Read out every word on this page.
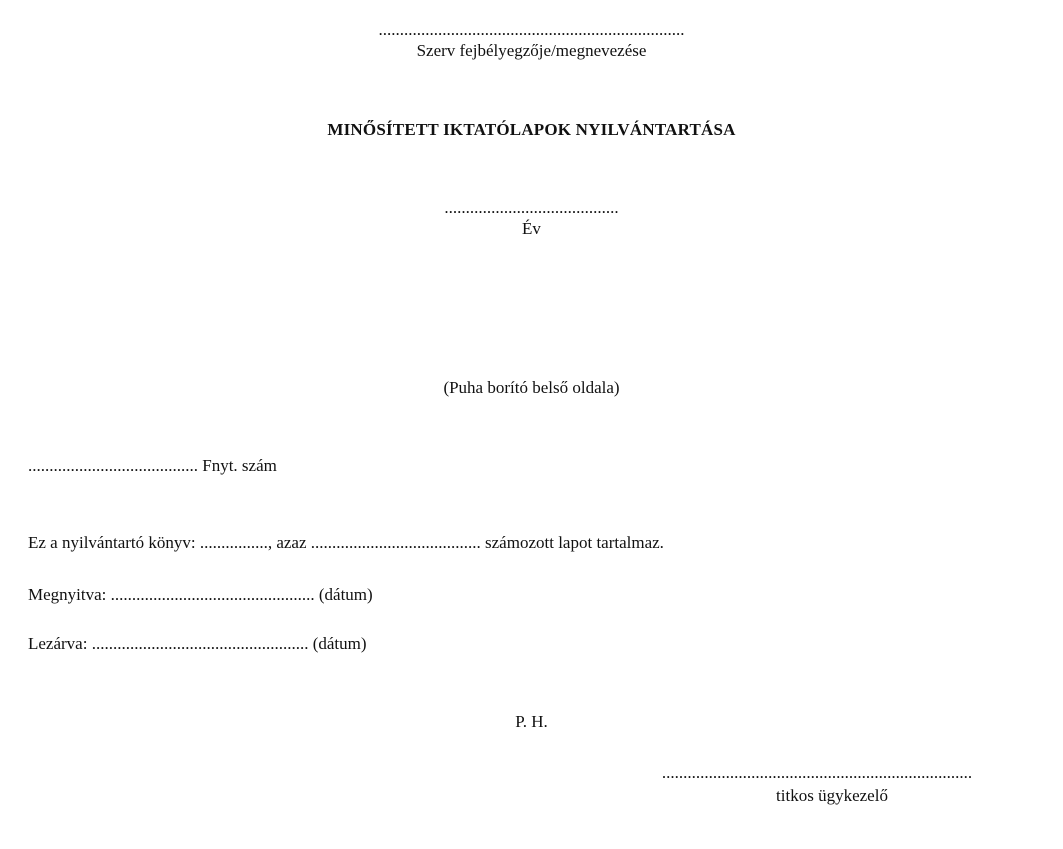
........................................................................
Szerv fejbélyegzője/megnevezése
MINŐSÍTETT IKTATÓLAPOK NYILVÁNTARTÁSA
.........................................
Év
(Puha borító belső oldala)
........................................ Fnyt. szám
Ez a nyilvántartó könyv: ................, azaz ........................................ számozott lapot tartalmaz.
Megnyitva: ................................................ (dátum)
Lezárva: ................................................... (dátum)
P. H.
.........................................................................
titkos ügykezelő
